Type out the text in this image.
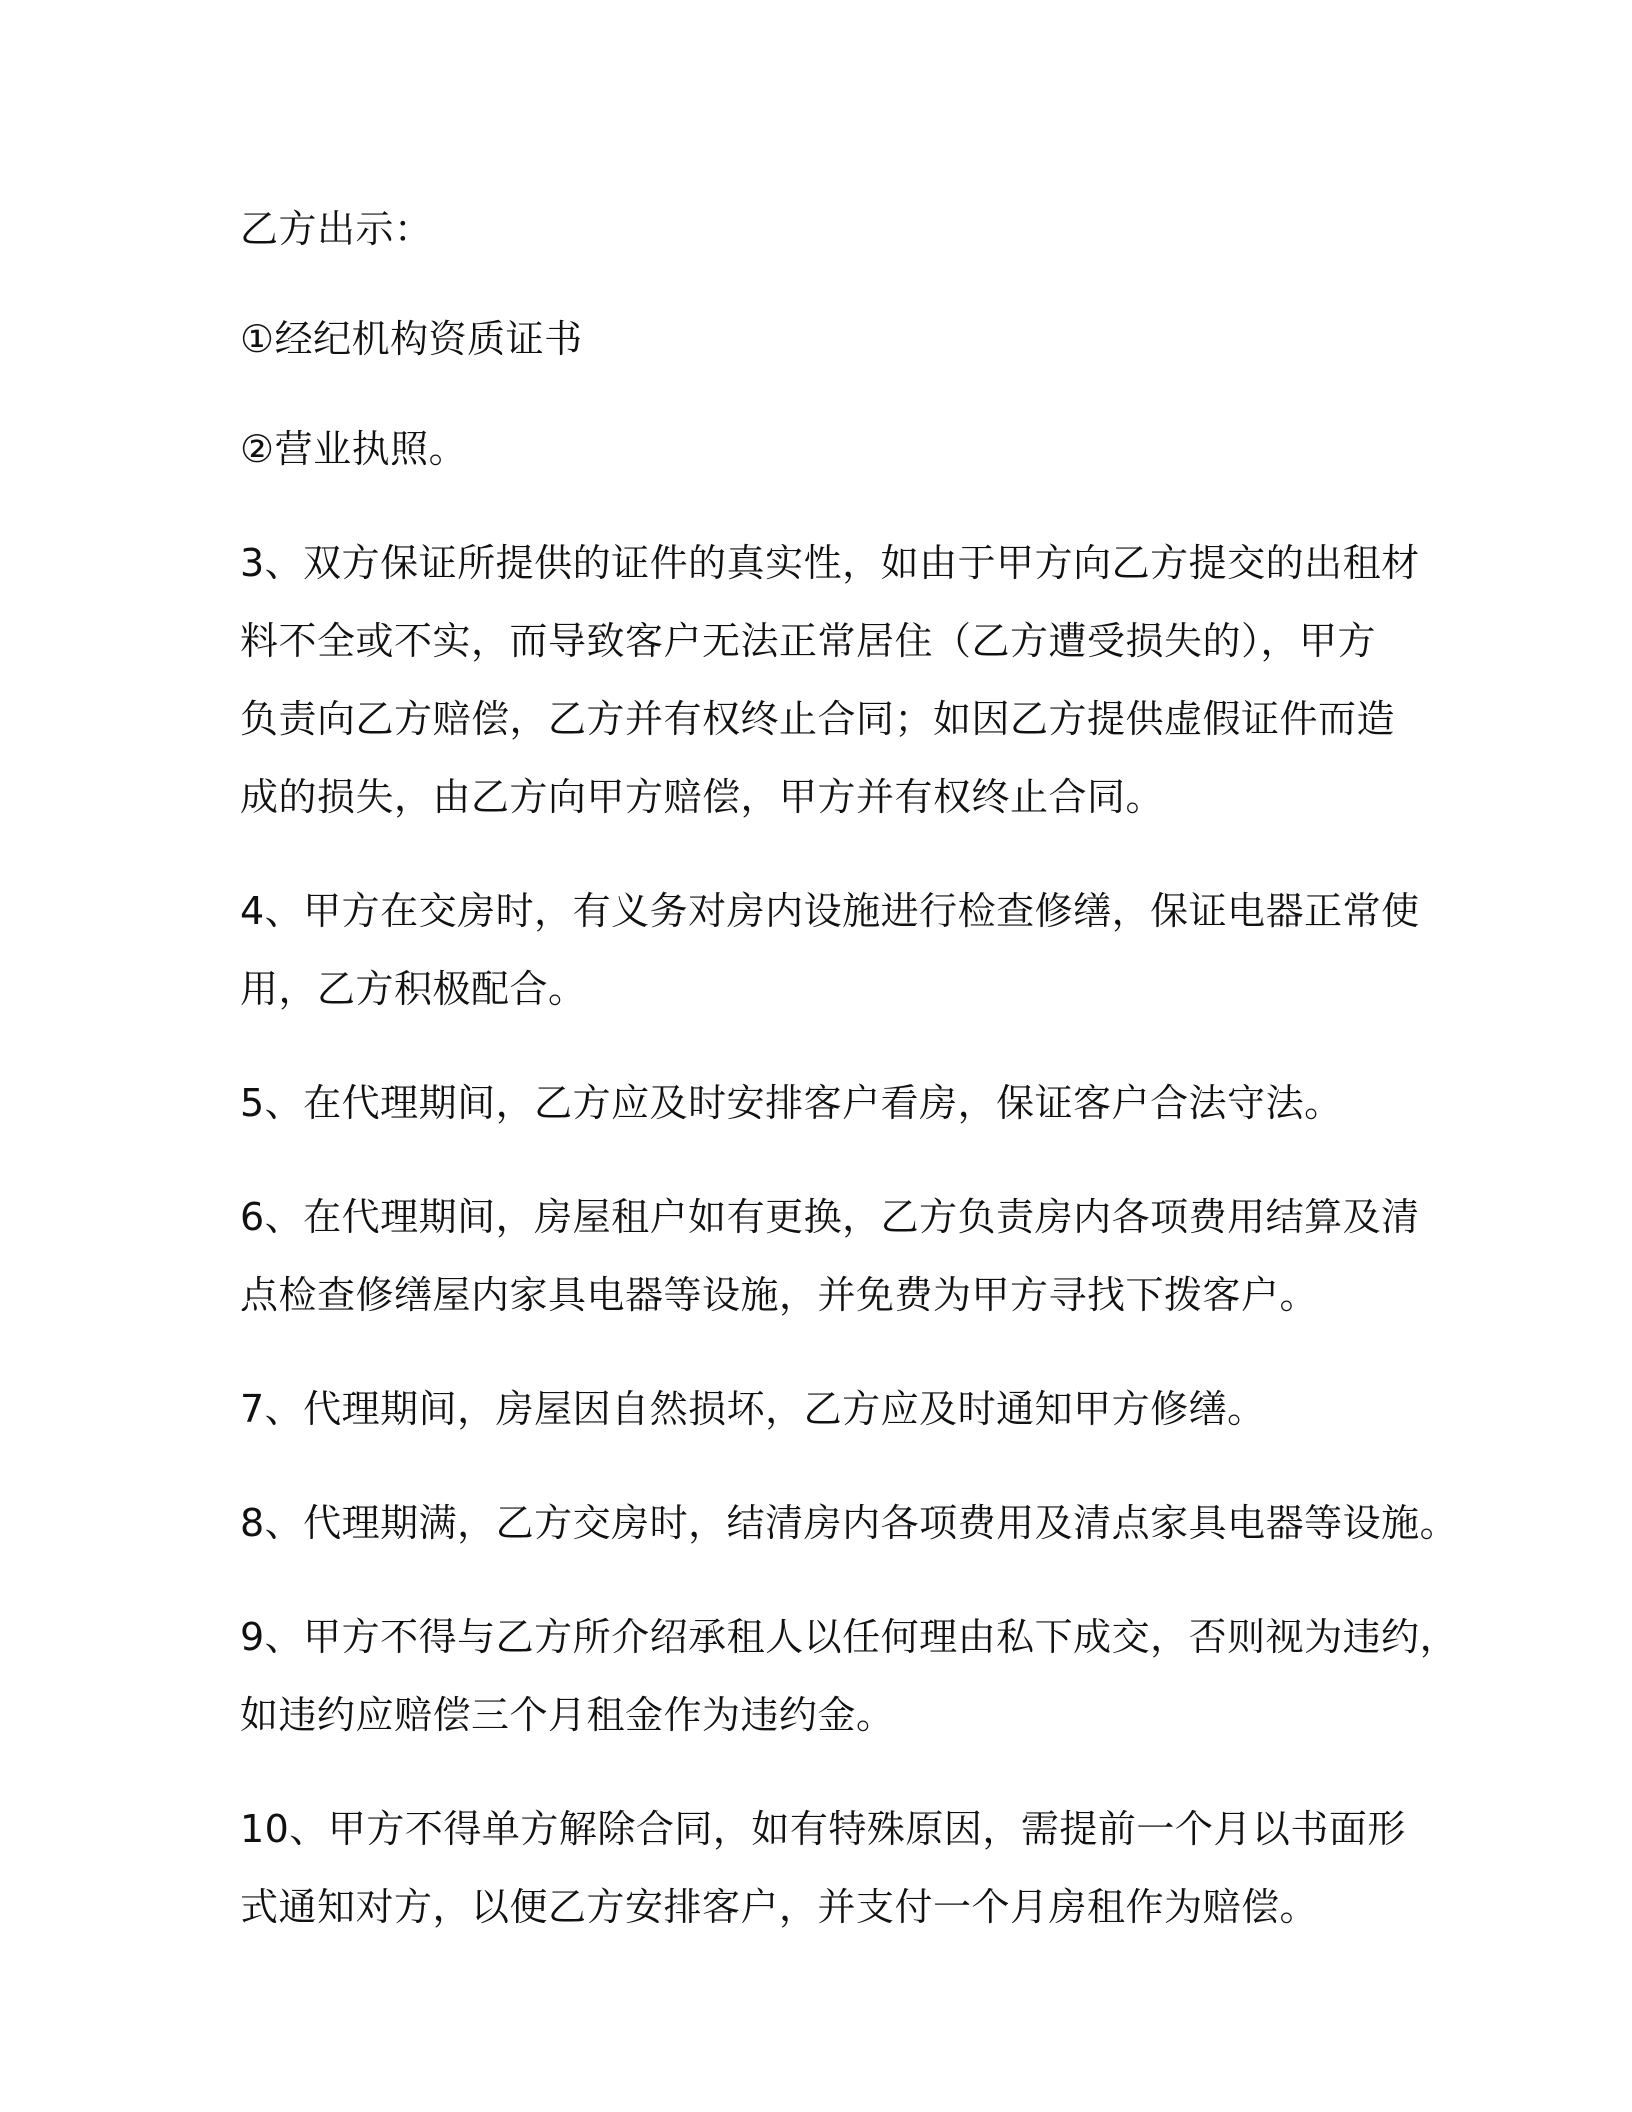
乙方出示：
①经纪机构资质证书
②营业执照。
3、双方保证所提供的证件的真实性，如由于甲方向乙方提交的出租材
料不全或不实，而导致客户无法正常居住（乙方遭受损失的），甲方
负责向乙方赔偿，乙方并有权终止合同；如因乙方提供虚假证件而造
成的损失，由乙方向甲方赔偿，甲方并有权终止合同。
4、甲方在交房时，有义务对房内设施进行检查修缮，保证电器正常使
用，乙方积极配合。
5、在代理期间，乙方应及时安排客户看房，保证客户合法守法。
6、在代理期间，房屋租户如有更换，乙方负责房内各项费用结算及清
点检查修缮屋内家具电器等设施，并免费为甲方寻找下拨客户。
7、代理期间，房屋因自然损坏，乙方应及时通知甲方修缮。
8、代理期满，乙方交房时，结清房内各项费用及清点家具电器等设施。
9、甲方不得与乙方所介绍承租人以任何理由私下成交，否则视为违约，
如违约应赔偿三个月租金作为违约金。
10、甲方不得单方解除合同，如有特殊原因，需提前一个月以书面形
式通知对方，以便乙方安排客户，并支付一个月房租作为赔偿。
